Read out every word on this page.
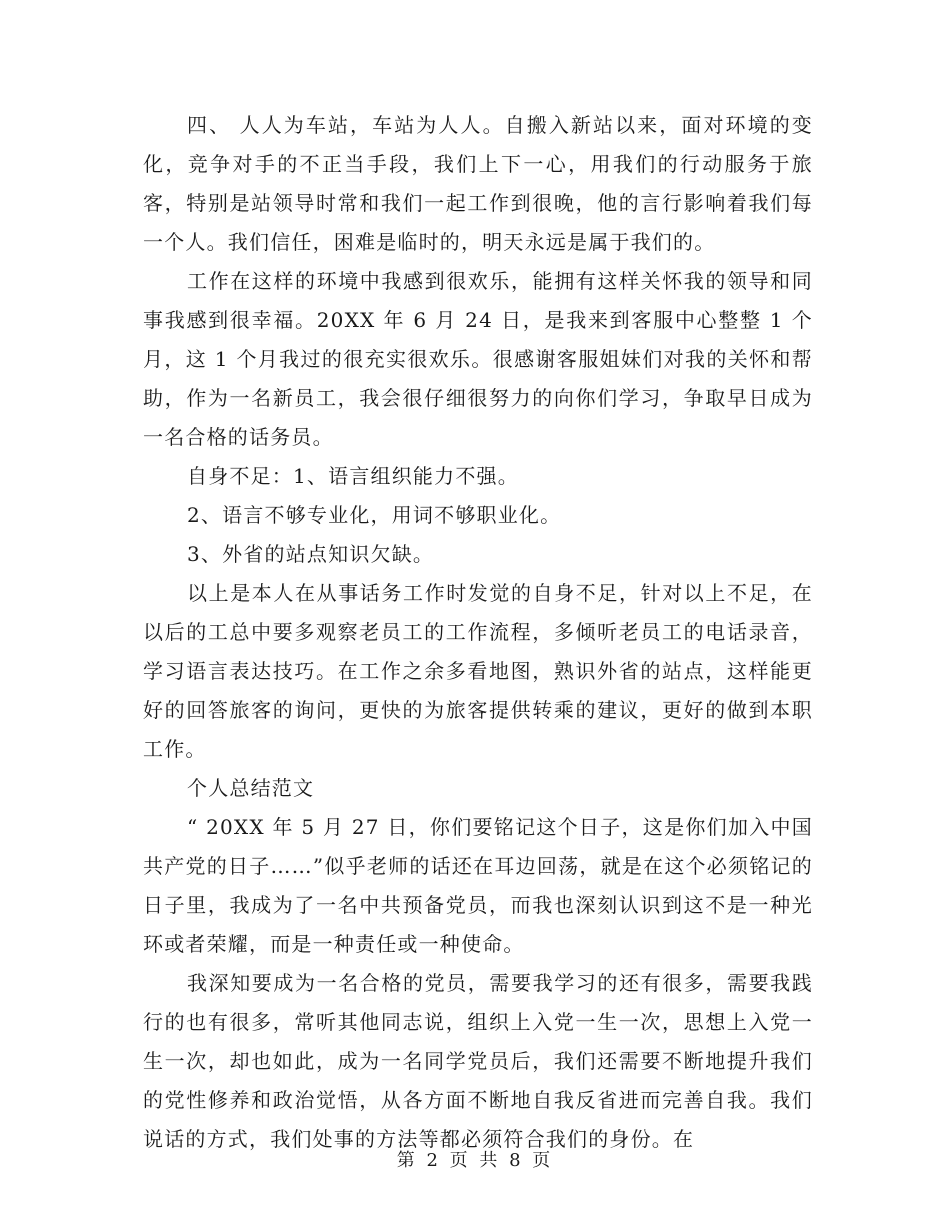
四、 人人为车站，车站为人人。自搬入新站以来，面对环境的变化，竞争对手的不正当手段，我们上下一心，用我们的行动服务于旅客，特别是站领导时常和我们一起工作到很晚，他的言行影响着我们每一个人。我们信任，困难是临时的，明天永远是属于我们的。

工作在这样的环境中我感到很欢乐，能拥有这样关怀我的领导和同事我感到很幸福。20XX 年 6 月 24 日，是我来到客服中心整整 1 个月，这 1 个月我过的很充实很欢乐。很感谢客服姐妹们对我的关怀和帮助，作为一名新员工，我会很仔细很努力的向你们学习，争取早日成为一名合格的话务员。

自身不足：1、语言组织能力不强。

2、语言不够专业化，用词不够职业化。

3、外省的站点知识欠缺。

以上是本人在从事话务工作时发觉的自身不足，针对以上不足，在以后的工总中要多观察老员工的工作流程，多倾听老员工的电话录音，学习语言表达技巧。在工作之余多看地图，熟识外省的站点，这样能更好的回答旅客的询问，更快的为旅客提供转乘的建议，更好的做到本职工作。

个人总结范文

“ 20XX 年 5 月 27 日，你们要铭记这个日子，这是你们加入中国共产党的日子……”似乎老师的话还在耳边回荡，就是在这个必须铭记的日子里，我成为了一名中共预备党员，而我也深刻认识到这不是一种光环或者荣耀，而是一种责任或一种使命。

我深知要成为一名合格的党员，需要我学习的还有很多，需要我践行的也有很多，常听其他同志说，组织上入党一生一次，思想上入党一生一次，却也如此，成为一名同学党员后，我们还需要不断地提升我们的党性修养和政治觉悟，从各方面不断地自我反省进而完善自我。我们说话的方式，我们处事的方法等都必须符合我们的身份。在

第 2 页 共 8 页
